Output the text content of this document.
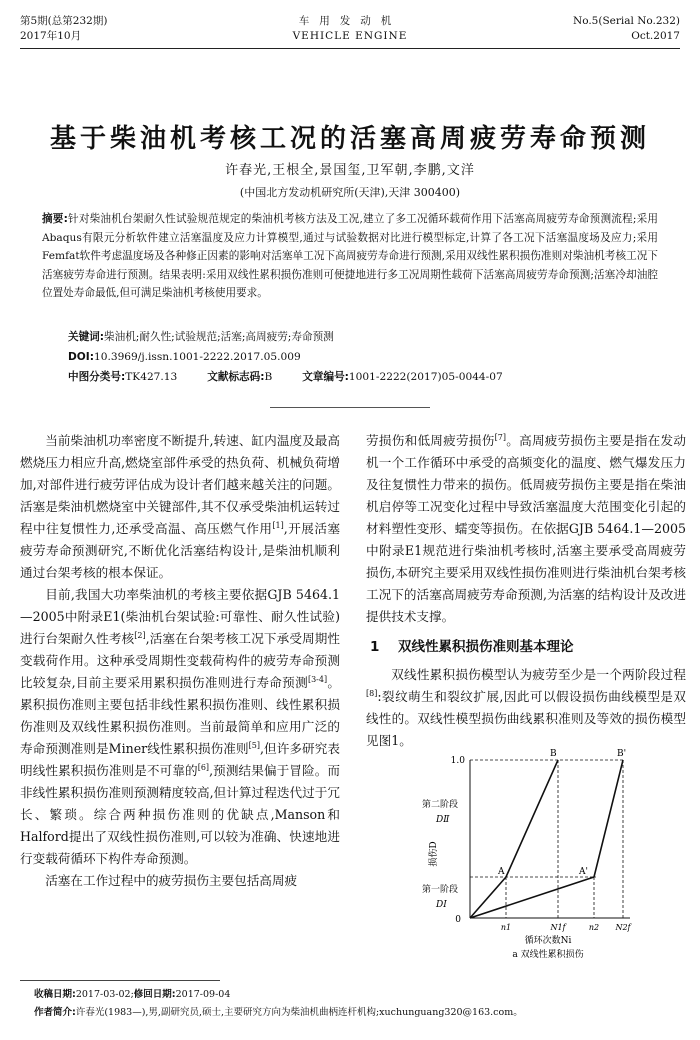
第5期(总第232期)
2017年10月
车用发动机
VEHICLE ENGINE
No.5(Serial No.232)
Oct.2017
基于柴油机考核工况的活塞高周疲劳寿命预测
许春光,王根全,景国玺,卫军朝,李鹏,文洋
(中国北方发动机研究所(天津),天津 300400)
摘要:针对柴油机台架耐久性试验规范规定的柴油机考核方法及工况,建立了多工况循环载荷作用下活塞高周疲劳寿命预测流程;采用Abaqus有限元分析软件建立活塞温度及应力计算模型,通过与试验数据对比进行模型标定,计算了各工况下活塞温度场及应力;采用Femfat软件考虑温度场及各种修正因素的影响对活塞单工况下高周疲劳寿命进行预测,采用双线性累积损伤准则对柴油机考核工况下活塞疲劳寿命进行预测。结果表明:采用双线性累积损伤准则可便捷地进行多工况周期性载荷下活塞高周疲劳寿命预测;活塞冷却油腔位置处寿命最低,但可满足柴油机考核使用要求。
关键词:柴油机;耐久性;试验规范;活塞;高周疲劳;寿命预测
DOI:10.3969/j.issn.1001-2222.2017.05.009
中图分类号:TK427.13	文献标志码:B	文章编号:1001-2222(2017)05-0044-07

当前柴油机功率密度不断提升,转速、缸内温度及最高燃烧压力相应升高,燃烧室部件承受的热负荷、机械负荷增加,对部件进行疲劳评估成为设计者们越来越关注的问题。活塞是柴油机燃烧室中关键部件,其不仅承受柴油机运转过程中往复惯性力,还承受高温、高压燃气作用[1],开展活塞疲劳寿命预测研究,不断优化活塞结构设计,是柴油机顺利通过台架考核的根本保证。

目前,我国大功率柴油机的考核主要依据GJB 5464.1—2005中附录E1(柴油机台架试验:可靠性、耐久性试验)进行台架耐久性考核[2],活塞在台架考核工况下承受周期性变载荷作用。这种承受周期性变载荷构件的疲劳寿命预测比较复杂,目前主要采用累积损伤准则进行寿命预测[3-4]。累积损伤准则主要包括非线性累积损伤准则、线性累积损伤准则及双线性累积损伤准则。当前最简单和应用广泛的寿命预测准则是Miner线性累积损伤准则[5],但许多研究表明线性累积损伤准则是不可靠的[6],预测结果偏于冒险。而非线性累积损伤准则预测精度较高,但计算过程迭代过于冗长、繁琐。综合两种损伤准则的优缺点,Manson和Halford提出了双线性损伤准则,可以较为准确、快速地进行变载荷循环下构件寿命预测。

活塞在工作过程中的疲劳损伤主要包括高周疲

劳损伤和低周疲劳损伤[7]。高周疲劳损伤主要是指在发动机一个工作循环中承受的高频变化的温度、燃气爆发压力及往复惯性力带来的损伤。低周疲劳损伤主要是指在柴油机启停等工况变化过程中导致活塞温度大范围变化引起的材料塑性变形、蠕变等损伤。在依据GJB 5464.1—2005中附录E1规范进行柴油机考核时,活塞主要承受高周疲劳损伤,本研究主要采用双线性损伤准则进行柴油机台架考核工况下的活塞高周疲劳寿命预测,为活塞的结构设计及改进提供技术支撑。

1 双线性累积损伤准则基本理论

双线性累积损伤模型认为疲劳至少是一个两阶段过程[8]:裂纹萌生和裂纹扩展,因此可以假设损伤曲线模型是双线性的。双线性模型损伤曲线累积准则及等效的损伤模型见图1。

1.0
0
损伤D
第二阶段
DⅡ
第一阶段
DⅠ
A	A'
B	B'
n1	N1f	n2 N2f
循环次数Ni
a 双线性累积损伤
收稿日期:2017-03-02;修回日期:2017-09-04
作者简介:许春光(1983—),男,副研究员,硕士,主要研究方向为柴油机曲柄连杆机构;xuchunguang320@163.com。
